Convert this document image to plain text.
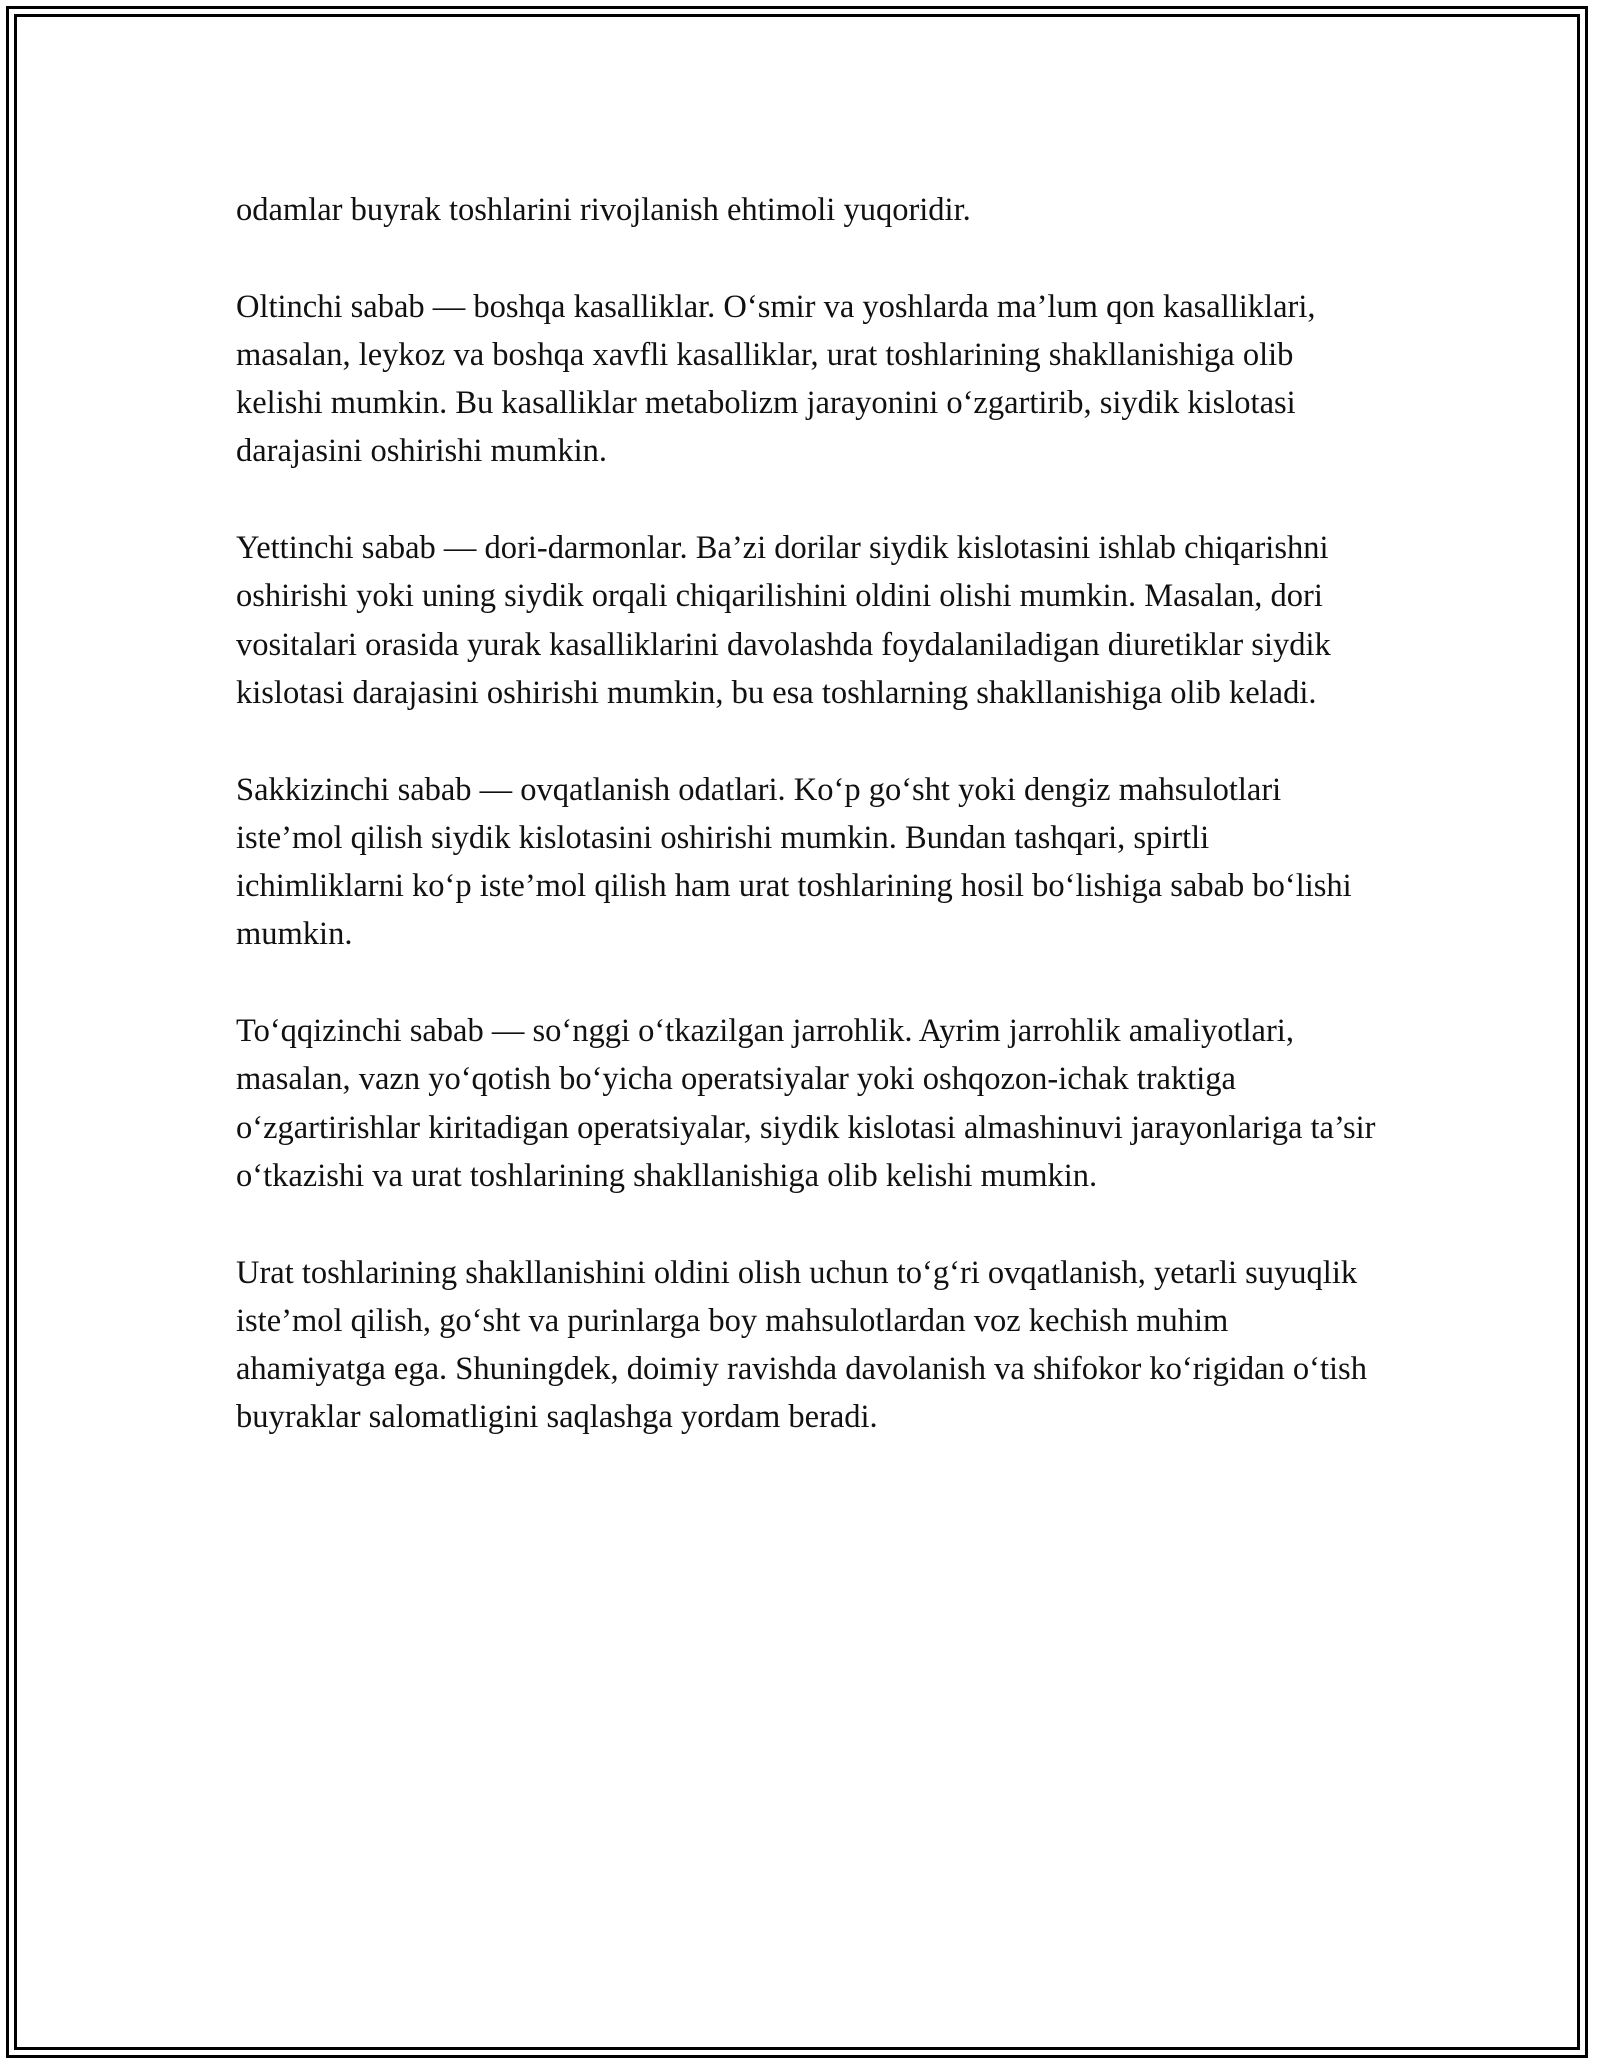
odamlar buyrak toshlarini rivojlanish ehtimoli yuqoridir.

Oltinchi sabab — boshqa kasalliklar. O‘smir va yoshlarda ma’lum qon kasalliklari, masalan, leykoz va boshqa xavfli kasalliklar, urat toshlarining shakllanishiga olib kelishi mumkin. Bu kasalliklar metabolizm jarayonini o‘zgartirib, siydik kislotasi darajasini oshirishi mumkin.

Yettinchi sabab — dori-darmonlar. Ba’zi dorilar siydik kislotasini ishlab chiqarishni oshirishi yoki uning siydik orqali chiqarilishini oldini olishi mumkin. Masalan, dori vositalari orasida yurak kasalliklarini davolashda foydalaniladigan diuretiklar siydik kislotasi darajasini oshirishi mumkin, bu esa toshlarning shakllanishiga olib keladi.

Sakkizinchi sabab — ovqatlanish odatlari. Ko‘p go‘sht yoki dengiz mahsulotlari iste’mol qilish siydik kislotasini oshirishi mumkin. Bundan tashqari, spirtli ichimliklarni ko‘p iste’mol qilish ham urat toshlarining hosil bo‘lishiga sabab bo‘lishi mumkin.

To‘qqizinchi sabab — so‘nggi o‘tkazilgan jarrohlik. Ayrim jarrohlik amaliyotlari, masalan, vazn yo‘qotish bo‘yicha operatsiyalar yoki oshqozon-ichak traktiga o‘zgartirishlar kiritadigan operatsiyalar, siydik kislotasi almashinuvi jarayonlariga ta’sir o‘tkazishi va urat toshlarining shakllanishiga olib kelishi mumkin.

Urat toshlarining shakllanishini oldini olish uchun to‘g‘ri ovqatlanish, yetarli suyuqlik iste’mol qilish, go‘sht va purinlarga boy mahsulotlardan voz kechish muhim ahamiyatga ega. Shuningdek, doimiy ravishda davolanish va shifokor ko‘rigidan o‘tish buyraklar salomatligini saqlashga yordam beradi.
